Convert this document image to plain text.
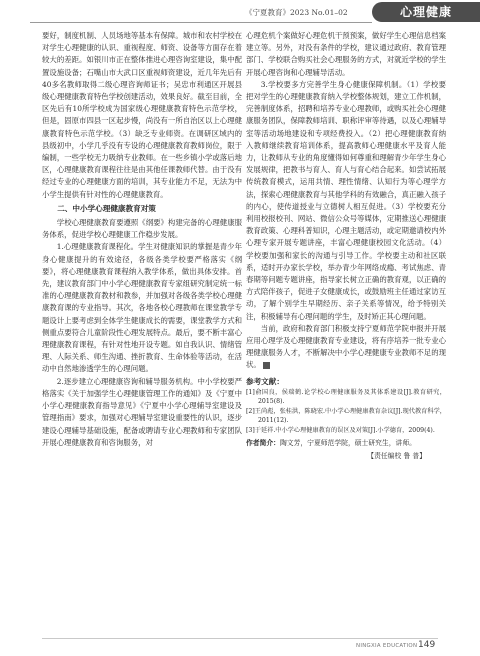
《宁夏教育》2023 No.01–02	心理健康

要好，制度机制、人员场地等基本有保障。城市和农村学校在对学生心理健康的认识、重视程度、师资、设备等方面存在着较大的差距。如银川市正在整体推进心理咨询室建设，集中配置设施设备；石嘴山市大武口区重视师资建设，近几年先后有40多名教师取得二级心理咨询师证书；吴忠市利通区开展县级心理健康教育特色学校创建活动，效果良好。截至目前，全区先后有10所学校成为国家级心理健康教育特色示范学校，但是，固原市四县一区起步慢，尚没有一所自治区以上心理健康教育特色示范学校。（3）缺乏专业师资。在调研区域内的县级初中，小学几乎没有专设的心理健康教育教师岗位，限于编制，一些学校无力吸纳专业教师。在一些乡镇小学或落后地区，心理健康教育课程往往是由其他任课教师代替。由于没有经过专业的心理健康方面的培训，其专业能力不足，无法为中小学生提供有针对性的心理健康教育。

二、中小学心理健康教育对策

学校心理健康教育要遵照《纲要》构建完备的心理健康服务体系，促进学校心理健康工作稳步发展。

1.心理健康教育课程化。学生对健康知识的掌握是青少年身心健康提升的有效途径，各级各类学校要严格落实《纲要》，将心理健康教育课程纳入教学体系，做出具体安排。首先，建议教育部门中小学心理健康教育专家组研究制定统一标准的心理健康教育教材和教参，并加强对各级各类学校心理健康教育课的专业指导。其次，各地各校心理教师在课堂教学专题设计上要考虑到全体学生健康成长的需要，课堂教学方式和侧重点要符合儿童阶段性心理发展特点。最后，要不断丰富心理健康教育课程，有针对性地开设专题。如自我认识、情绪管理、人际关系、师生沟通、挫折教育、生命体验等活动，在活动中自然地渗透学生的心理问题。

2.逐步建立心理健康咨询和辅导服务机构。中小学校要严格落实《关于加强学生心理健康管理工作的通知》及《宁夏中小学心理健康教育指导意见》《宁夏中小学心理辅导室建设及管理指南》要求，加强对心理辅导室建设重要性的认识，逐步建设心理辅导基础设施，配备或聘请专业心理教师和专家团队开展心理健康教育和咨询服务，对

心理危机个案做好心理危机干预预案，做好学生心理信息档案建立等。另外，对没有条件的学校，建议通过政府、教育管理部门、学校联合购买社会心理服务的方式，对就近学校的学生开展心理咨询和心理辅导活动。

3.学校要多方完善学生身心健康保障机制。（1）学校要把对学生的心理健康教育纳入学校整体规划，建立工作机制，完善制度体系，招聘和培养专业心理教师，或购买社会心理健康服务团队，保障教师培训、职称评审等待遇，以及心理辅导室等活动场地建设和专项经费投入。（2）把心理健康教育纳入教师继续教育培训体系，提高教师心理健康水平及育人能力，让教师从专业的角度懂得如何尊重和理解青少年学生身心发展规律，把教书与育人、育人与育心结合起来。如尝试拓展传统教育模式，运用共情、理性情绪、认知行为等心理学方法，探索心理健康教育与其他学科的有效融合，真正融入孩子的内心，使传道授业与立德树人相互促进。（3）学校要充分利用校报校刊、网站、微信公众号等媒体，定期推送心理健康教育政策、心理科普知识，心理主题活动，或定期邀请校内外心理专家开展专题讲座，丰富心理健康校园文化活动。（4）学校要加强和家长的沟通与引导工作。学校要主动和社区联系，适时开办家长学校，举办青少年网络成瘾、考试焦虑、青春期等问题专题讲座，指导家长树立正确的教育观，以正确的方式陪伴孩子，促进子女健康成长，或鼓励班主任通过家访互动，了解个别学生早期经历、亲子关系等情况，给予特别关注，积极辅导有心理问题的学生，及时矫正其心理问题。

当前，政府和教育部门积极支持宁夏师范学院申报并开展应用心理学及心理健康教育专业建设，将有序培养一批专业心理健康服务人才，不断解决中小学心理健康专业教师不足的现状。	■

参考文献：
[1]俞国良，侯瑞鹤.论学校心理健康服务及其体系建设[J].教育研究，2015(8).
[2]王尚彪，张桂洪，陈晓宏.中小学心理健康教育杂议[J].现代教育科学，2011(12).
[3]于延祥.中小学心理健康教育的误区及对策[J].小学德育，2009(4).
作者简介：陶文芳，宁夏师范学院，硕士研究生，讲师。
【责任编校 鲁 普】
NINGXIA EDUCATION 149
